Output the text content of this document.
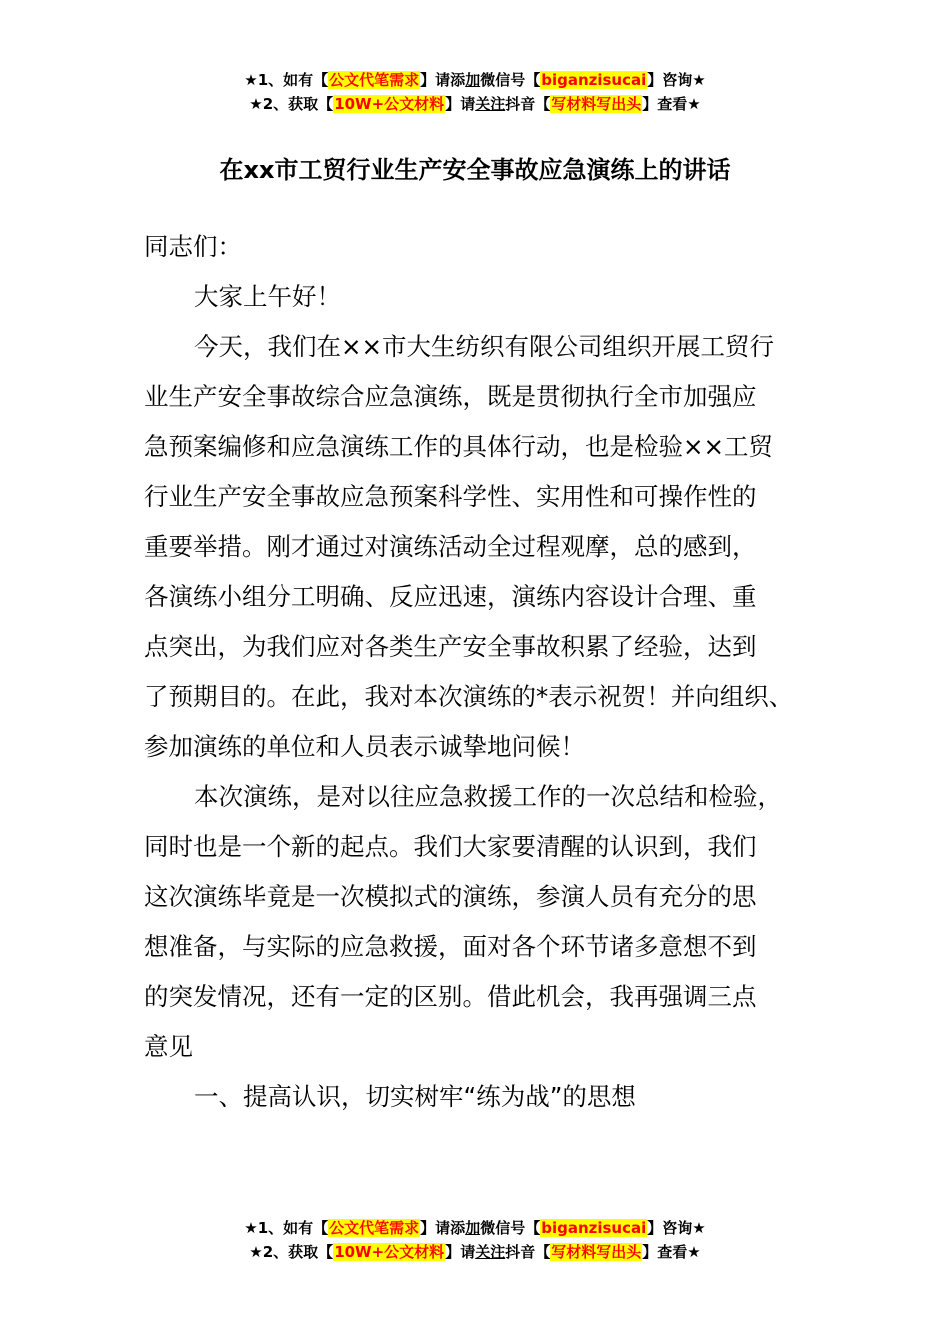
★1、如有【公文代笔需求】请添加微信号【biganzisucai】咨询★
★2、获取【10W+公文材料】请关注抖音【写材料写出头】查看★
在xx市工贸行业生产安全事故应急演练上的讲话

同志们：

大家上午好！

今天，我们在××市大生纺织有限公司组织开展工贸行

业生产安全事故综合应急演练，既是贯彻执行全市加强应

急预案编修和应急演练工作的具体行动，也是检验××工贸

行业生产安全事故应急预案科学性、实用性和可操作性的

重要举措。刚才通过对演练活动全过程观摩，总的感到，

各演练小组分工明确、反应迅速，演练内容设计合理、重

点突出，为我们应对各类生产安全事故积累了经验，达到

了预期目的。在此，我对本次演练的*表示祝贺！并向组织、

参加演练的单位和人员表示诚挚地问候！

本次演练，是对以往应急救援工作的一次总结和检验，

同时也是一个新的起点。我们大家要清醒的认识到，我们

这次演练毕竟是一次模拟式的演练，参演人员有充分的思

想准备，与实际的应急救援，面对各个环节诸多意想不到

的突发情况，还有一定的区别。借此机会，我再强调三点

意见

一、提高认识，切实树牢“练为战”的思想

★1、如有【公文代笔需求】请添加微信号【biganzisucai】咨询★
★2、获取【10W+公文材料】请关注抖音【写材料写出头】查看★
